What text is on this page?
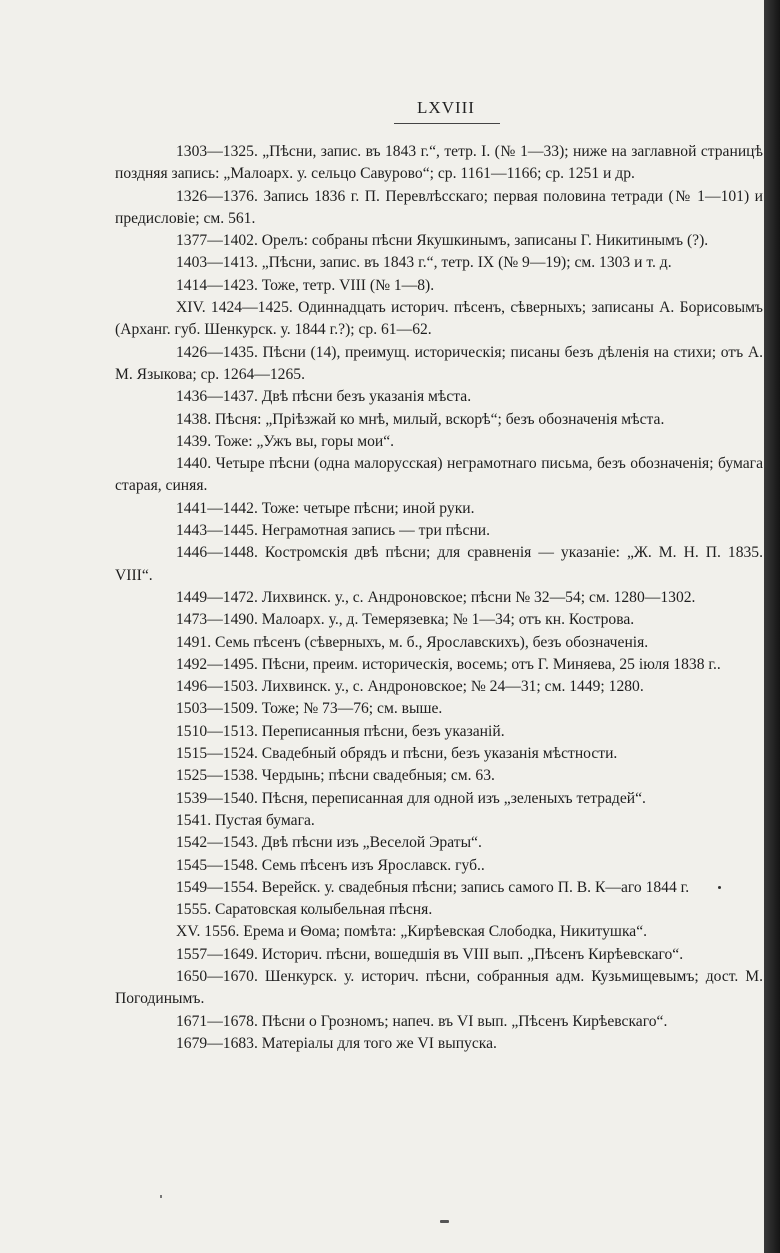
LXVIII

1303—1325. „Пѣсни, запис. въ 1843 г.“, тетр. I. (№ 1—33); ниже на заглавной страницѣ поздняя запись: „Малоарх. у. сельцо Савурово“; ср. 1161—1166; ср. 1251 и др.

1326—1376. Запись 1836 г. П. Перевлѣсскаго; первая половина тетради (№ 1—101) и предисловіе; см. 561.

1377—1402. Орелъ: собраны пѣсни Якушкинымъ, записаны Г. Никитинымъ (?).

1403—1413. „Пѣсни, запис. въ 1843 г.“, тетр. IX (№ 9—19); см. 1303 и т. д.

1414—1423. Тоже, тетр. VIII (№ 1—8).

XIV. 1424—1425. Одиннадцать историч. пѣсенъ, сѣверныхъ; записаны А. Борисовымъ (Арханг. губ. Шенкурск. у. 1844 г.?); ср. 61—62.

1426—1435. Пѣсни (14), преимущ. историческія; писаны безъ дѣленія на стихи; отъ А. М. Языкова; ср. 1264—1265.

1436—1437. Двѣ пѣсни безъ указанія мѣста.

1438. Пѣсня: „Пріѣзжай ко мнѣ, милый, вскорѣ“; безъ обозначенія мѣста.

1439. Тоже: „Ужъ вы, горы мои“.

1440. Четыре пѣсни (одна малорусская) неграмотнаго письма, безъ обозначенія; бумага старая, синяя.

1441—1442. Тоже: четыре пѣсни; иной руки.

1443—1445. Неграмотная запись — три пѣсни.

1446—1448. Костромскія двѣ пѣсни; для сравненія — указаніе: „Ж. М. Н. П. 1835. VIII“.

1449—1472. Лихвинск. у., с. Андроновское; пѣсни № 32—54; см. 1280—1302.

1473—1490. Малоарх. у., д. Темерязевка; № 1—34; отъ кн. Кострова.

1491. Семь пѣсенъ (сѣверныхъ, м. б., Ярославскихъ), безъ обозначенія.

1492—1495. Пѣсни, преим. историческія, восемь; отъ Г. Миняева, 25 іюля 1838 г..

1496—1503. Лихвинск. у., с. Андроновское; № 24—31; см. 1449; 1280.

1503—1509. Тоже; № 73—76; см. выше.

1510—1513. Переписанныя пѣсни, безъ указаній.

1515—1524. Свадебный обрядъ и пѣсни, безъ указанія мѣстности.

1525—1538. Чердынь; пѣсни свадебныя; см. 63.

1539—1540. Пѣсня, переписанная для одной изъ „зеленыхъ тетрадей“.

1541. Пустая бумага.

1542—1543. Двѣ пѣсни изъ „Веселой Эраты“.

1545—1548. Семь пѣсенъ изъ Ярославск. губ..

1549—1554. Верейск. у. свадебныя пѣсни; запись самого П. В. К—аго 1844 г.

1555. Саратовская колыбельная пѣсня.

XV. 1556. Ерема и Ѳома; помѣта: „Кирѣевская Слободка, Никитушка“.

1557—1649. Историч. пѣсни, вошедшія въ VIII вып. „Пѣсенъ Кирѣевскаго“.

1650—1670. Шенкурск. у. историч. пѣсни, собранныя адм. Кузьмищевымъ; дост. М. Погодинымъ.

1671—1678. Пѣсни о Грозномъ; напеч. въ VI вып. „Пѣсенъ Кирѣевскаго“.

1679—1683. Матеріалы для того же VI выпуска.
